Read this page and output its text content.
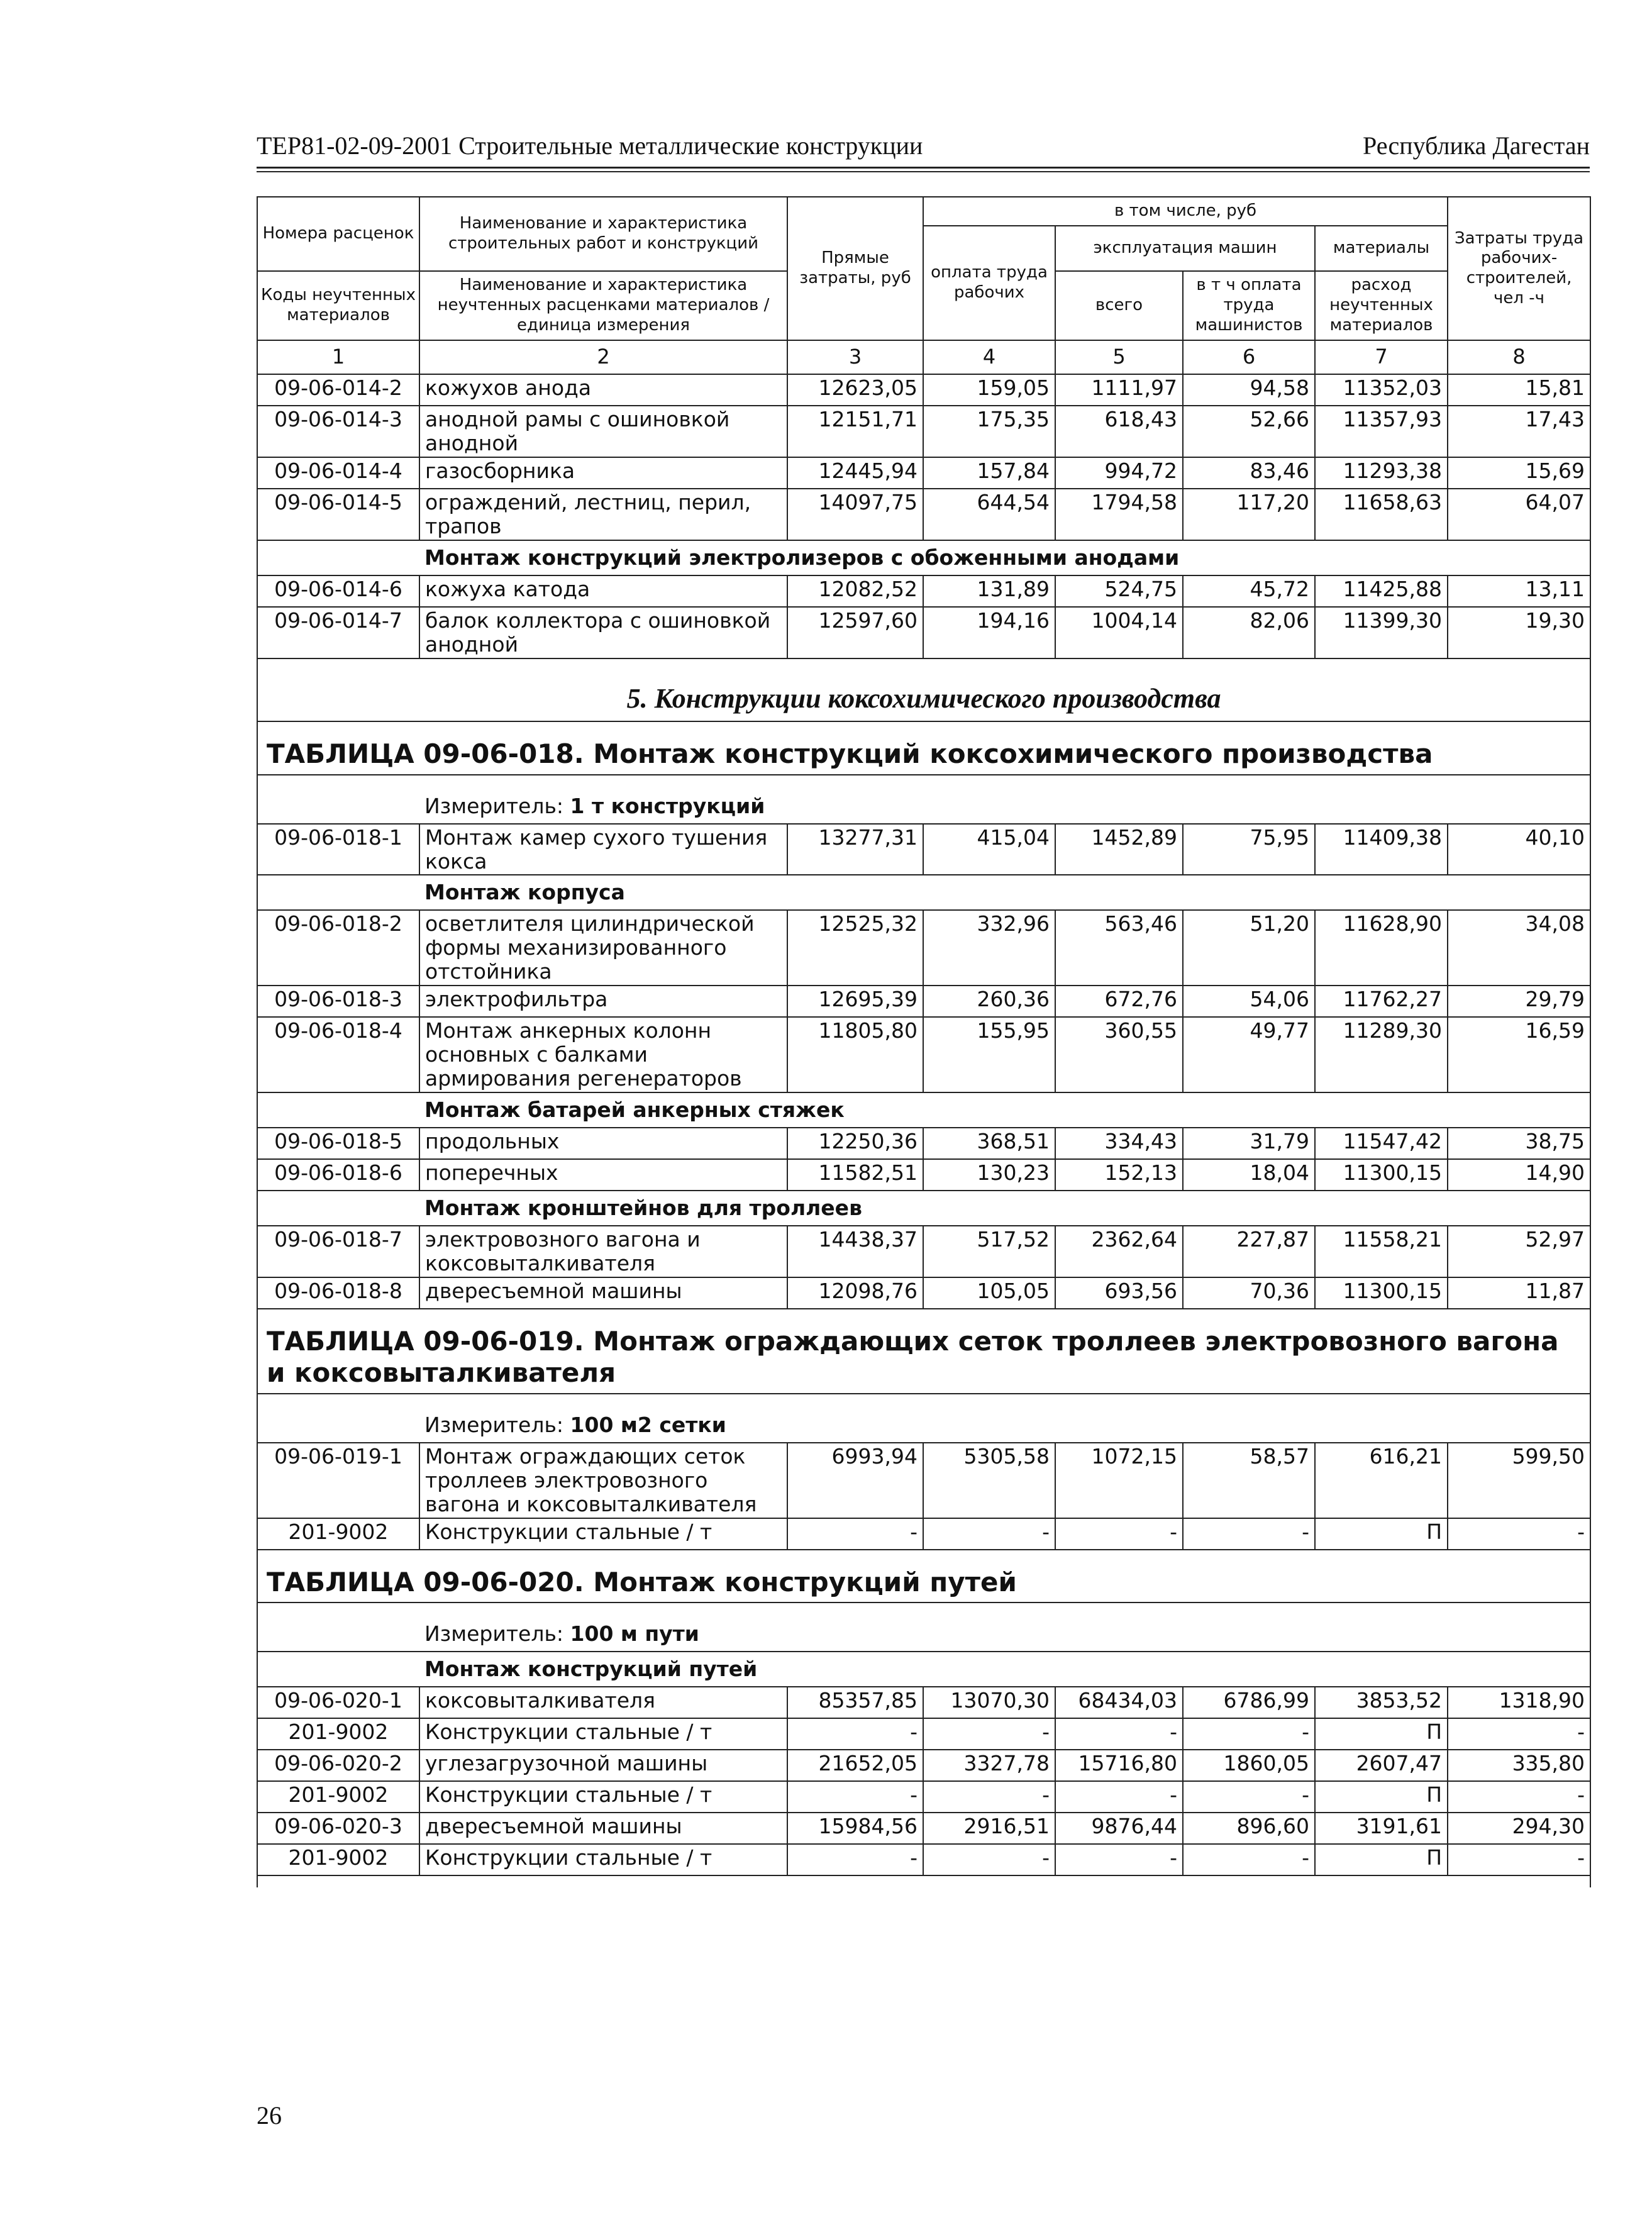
ТЕР81-02-09-2001 Строительные металлические конструкции	Республика Дагестан
Номера расценок	Наименование и характеристика строительных работ и конструкций	Прямые затраты, руб	в том числе, руб				Затраты труда рабочих-строителей, чел -ч
			оплата труда рабочих	эксплуатация машин		материалы	
Коды неучтенных материалов	Наименование и характеристика неучтенных расценками материалов / единица измерения			всего	в т ч оплата труда машинистов	расход неучтенных материалов	

1	2	3	4	5	6	7	8
09-06-014-2	кожухов анода	12623,05	159,05	1111,97	94,58	11352,03	15,81
09-06-014-3	анодной рамы с ошиновкой анодной	12151,71	175,35	618,43	52,66	11357,93	17,43
09-06-014-4	газосборника	12445,94	157,84	994,72	83,46	11293,38	15,69
09-06-014-5	ограждений, лестниц, перил, трапов	14097,75	644,54	1794,58	117,20	11658,63	64,07
	Монтаж конструкций электролизеров с обоженными анодами						
09-06-014-6	кожуха катода	12082,52	131,89	524,75	45,72	11425,88	13,11
09-06-014-7	балок коллектора с ошиновкой анодной	12597,60	194,16	1004,14	82,06	11399,30	19,30
5. Конструкции коксохимического производства							
ТАБЛИЦА 09-06-018. Монтаж конструкций коксохимического производства							
	Измеритель: 1 т конструкций						
09-06-018-1	Монтаж камер сухого тушения кокса	13277,31	415,04	1452,89	75,95	11409,38	40,10
	Монтаж корпуса						
09-06-018-2	осветлителя цилиндрической формы механизированного отстойника	12525,32	332,96	563,46	51,20	11628,90	34,08
09-06-018-3	электрофильтра	12695,39	260,36	672,76	54,06	11762,27	29,79
09-06-018-4	Монтаж анкерных колонн основных с балками армирования регенераторов	11805,80	155,95	360,55	49,77	11289,30	16,59
	Монтаж батарей анкерных стяжек						
09-06-018-5	продольных	12250,36	368,51	334,43	31,79	11547,42	38,75
09-06-018-6	поперечных	11582,51	130,23	152,13	18,04	11300,15	14,90
	Монтаж кронштейнов для троллеев						
09-06-018-7	электровозного вагона и коксовыталкивателя	14438,37	517,52	2362,64	227,87	11558,21	52,97
09-06-018-8	двересъемной машины	12098,76	105,05	693,56	70,36	11300,15	11,87
ТАБЛИЦА 09-06-019. Монтаж ограждающих сеток троллеев электровозного вагона и коксовыталкивателя							
	Измеритель: 100 м2 сетки						
09-06-019-1	Монтаж ограждающих сеток троллеев электровозного вагона и коксовыталкивателя	6993,94	5305,58	1072,15	58,57	616,21	599,50
201-9002	Конструкции стальные / т	-	-	-	-	П	-
ТАБЛИЦА 09-06-020. Монтаж конструкций путей							
	Измеритель: 100 м пути						
	Монтаж конструкций путей						
09-06-020-1	коксовыталкивателя	85357,85	13070,30	68434,03	6786,99	3853,52	1318,90
201-9002	Конструкции стальные / т	-	-	-	-	П	-
09-06-020-2	углезагрузочной машины	21652,05	3327,78	15716,80	1860,05	2607,47	335,80
201-9002	Конструкции стальные / т	-	-	-	-	П	-
09-06-020-3	двересъемной машины	15984,56	2916,51	9876,44	896,60	3191,61	294,30
201-9002	Конструкции стальные / т	-	-	-	-	П	-

26
